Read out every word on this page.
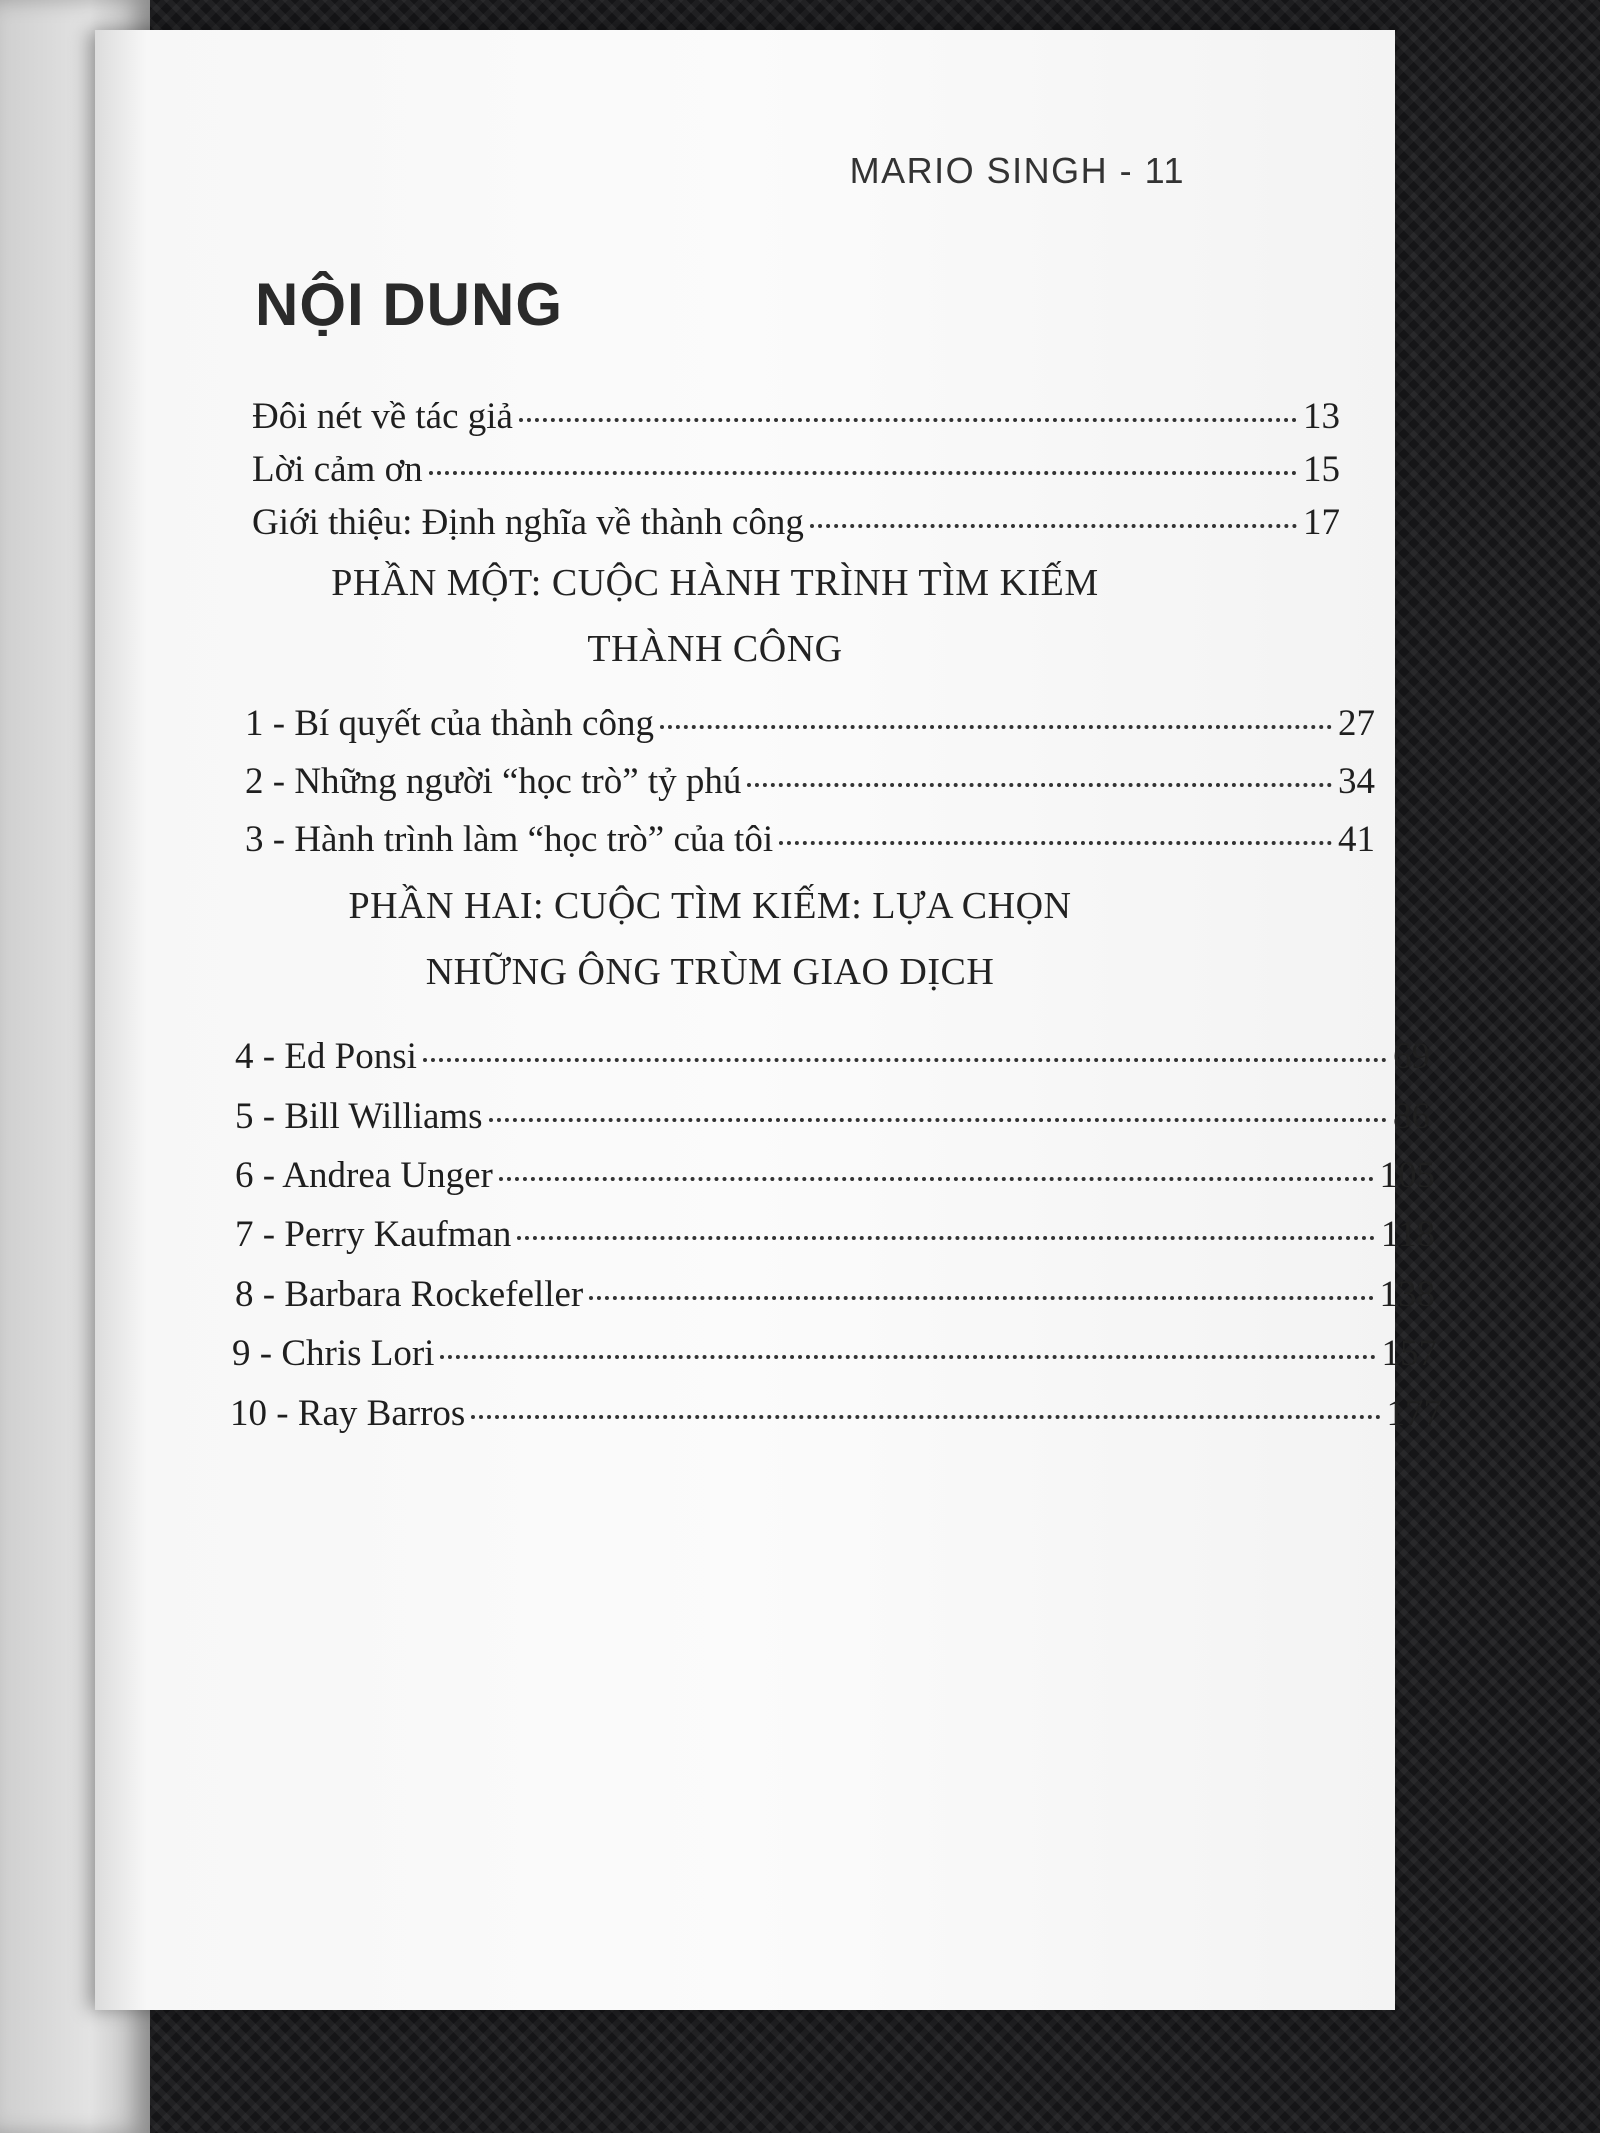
MARIO SINGH - 11
NỘI DUNG
Đôi nét về tác giả	13
Lời cảm ơn	15
Giới thiệu: Định nghĩa về thành công	17
PHẦN MỘT: CUỘC HÀNH TRÌNH TÌM KIẾM
THÀNH CÔNG
1 - Bí quyết của thành công	27
2 - Những người “học trò” tỷ phú	34
3 - Hành trình làm “học trò” của tôi	41
PHẦN HAI: CUỘC TÌM KIẾM: LỰA CHỌN
NHỮNG ÔNG TRÙM GIAO DỊCH
4 - Ed Ponsi	69
5 - Bill Williams	86
6 - Andrea Unger	105
7 - Perry Kaufman	118
8 - Barbara Rockefeller	138
9 - Chris Lori	157
10 - Ray Barros	177
